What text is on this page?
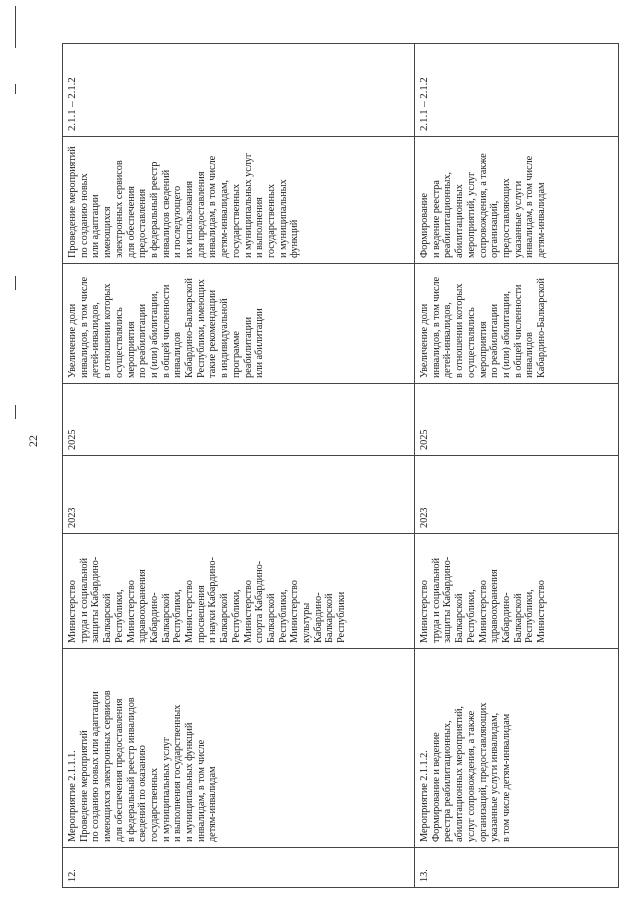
22
12.
Мероприятие 2.1.1.1.
Проведение мероприятий
по созданию новых или адаптации
имеющихся электронных сервисов
для обеспечения предоставления
в федеральный реестр инвалидов
сведений по оказанию
государственных
и муниципальных услуг
и выполнения государственных
и муниципальных функций
инвалидам, в том числе
детям-инвалидам
Министерство
труда и социальной
защиты Кабардино-
Балкарской
Республики,
Министерство
здравоохранения
Кабардино-
Балкарской
Республики,
Министерство
просвещения
и науки Кабардино-
Балкарской
Республики,
Министерство
спорта Кабардино-
Балкарской
Республики,
Министерство
культуры
Кабардино-
Балкарской
Республики
2023
2025
Увеличение доли
инвалидов, в том числе
детей-инвалидов,
в отношении которых
осуществлялись
мероприятия
по реабилитации
и (или) абилитации,
в общей численности
инвалидов
Кабардино-Балкарской
Республики, имеющих
такие рекомендации
в индивидуальной
программе
реабилитации
или абилитации
Проведение мероприятий
по созданию новых
или адаптации имеющихся
электронных сервисов
для обеспечения
предоставления
в федеральный реестр
инвалидов сведений
и последующего
их использования
для предоставления
инвалидам, в том числе
детям-инвалидам,
государственных
и муниципальных услуг
и выполнения
государственных
и муниципальных
функций
2.1.1 – 2.1.2
13.
Мероприятие 2.1.1.2.
Формирование и ведение
реестра реабилитационных,
абилитационных мероприятий,
услуг сопровождения, а также
организаций, предоставляющих
указанные услуги инвалидам,
в том числе детям-инвалидам
Министерство
труда и социальной
защиты Кабардино-
Балкарской
Республики,
Министерство
здравоохранения
Кабардино-
Балкарской
Республики,
Министерство
2023
2025
Увеличение доли
инвалидов, в том числе
детей-инвалидов,
в отношении которых
осуществлялись
мероприятия
по реабилитации
и (или) абилитации,
в общей численности
инвалидов
Кабардино-Балкарской
Формирование
и ведение реестра
реабилитационных,
абилитационных
мероприятий, услуг
сопровождения, а также
организаций,
предоставляющих
указанные услуги
инвалидам, в том числе
детям-инвалидам
2.1.1 – 2.1.2
